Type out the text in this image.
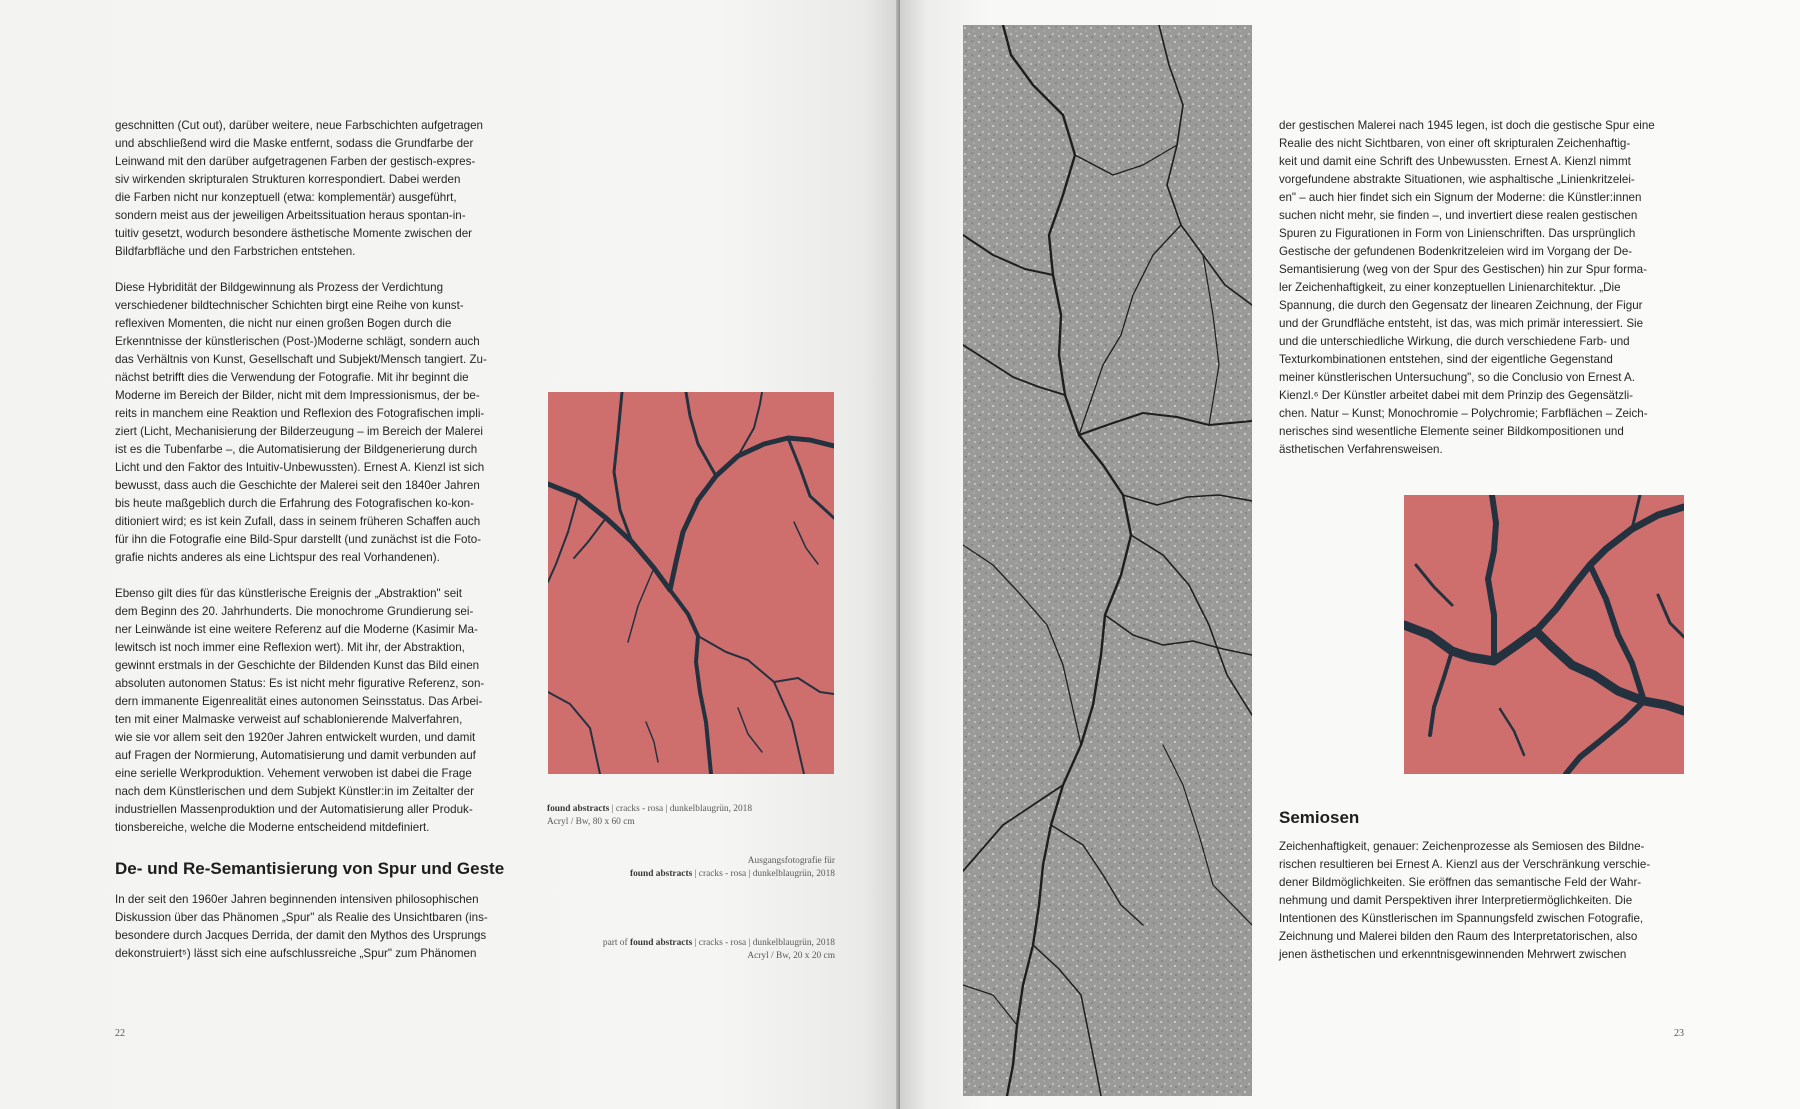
geschnitten (Cut out), darüber weitere, neue Farbschichten aufgetragen
und abschließend wird die Maske entfernt, sodass die Grundfarbe der
Leinwand mit den darüber aufgetragenen Farben der gestisch-expres-
siv wirkenden skripturalen Strukturen korrespondiert. Dabei werden
die Farben nicht nur konzeptuell (etwa: komplementär) ausgeführt,
sondern meist aus der jeweiligen Arbeitssituation heraus spontan-in-
tuitiv gesetzt, wodurch besondere ästhetische Momente zwischen der
Bildfarbfläche und den Farbstrichen entstehen.

Diese Hybridität der Bildgewinnung als Prozess der Verdichtung
verschiedener bildtechnischer Schichten birgt eine Reihe von kunst-
reflexiven Momenten, die nicht nur einen großen Bogen durch die
Erkenntnisse der künstlerischen (Post-)Moderne schlägt, sondern auch
das Verhältnis von Kunst, Gesellschaft und Subjekt/Mensch tangiert. Zu-
nächst betrifft dies die Verwendung der Fotografie. Mit ihr beginnt die
Moderne im Bereich der Bilder, nicht mit dem Impressionismus, der be-
reits in manchem eine Reaktion und Reflexion des Fotografischen impli-
ziert (Licht, Mechanisierung der Bilderzeugung – im Bereich der Malerei
ist es die Tubenfarbe –, die Automatisierung der Bildgenerierung durch
Licht und den Faktor des Intuitiv-Unbewussten). Ernest A. Kienzl ist sich
bewusst, dass auch die Geschichte der Malerei seit den 1840er Jahren
bis heute maßgeblich durch die Erfahrung des Fotografischen ko-kon-
ditioniert wird; es ist kein Zufall, dass in seinem früheren Schaffen auch
für ihn die Fotografie eine Bild-Spur darstellt (und zunächst ist die Foto-
grafie nichts anderes als eine Lichtspur des real Vorhandenen).

Ebenso gilt dies für das künstlerische Ereignis der „Abstraktion" seit
dem Beginn des 20. Jahrhunderts. Die monochrome Grundierung sei-
ner Leinwände ist eine weitere Referenz auf die Moderne (Kasimir Ma-
lewitsch ist noch immer eine Reflexion wert). Mit ihr, der Abstraktion,
gewinnt erstmals in der Geschichte der Bildenden Kunst das Bild einen
absoluten autonomen Status: Es ist nicht mehr figurative Referenz, son-
dern immanente Eigenrealität eines autonomen Seinsstatus. Das Arbei-
ten mit einer Malmaske verweist auf schablonierende Malverfahren,
wie sie vor allem seit den 1920er Jahren entwickelt wurden, und damit
auf Fragen der Normierung, Automatisierung und damit verbunden auf
eine serielle Werkproduktion. Vehement verwoben ist dabei die Frage
nach dem Künstlerischen und dem Subjekt Künstler:in im Zeitalter der
industriellen Massenproduktion und der Automatisierung aller Produk-
tionsbereiche, welche die Moderne entscheidend mitdefiniert.

De- und Re-Semantisierung von Spur und Geste

In der seit den 1960er Jahren beginnenden intensiven philosophischen
Diskussion über das Phänomen „Spur" als Realie des Unsichtbaren (ins-
besondere durch Jacques Derrida, der damit den Mythos des Ursprungs
dekonstruiert⁵) lässt sich eine aufschlussreiche „Spur" zum Phänomen

found abstracts | cracks - rosa | dunkelblaugrün, 2018
Acryl / Bw, 80 x 60 cm

Ausgangsfotografie für
found abstracts | cracks - rosa | dunkelblaugrün, 2018

part of found abstracts | cracks - rosa | dunkelblaugrün, 2018
Acryl / Bw, 20 x 20 cm

22

der gestischen Malerei nach 1945 legen, ist doch die gestische Spur eine
Realie des nicht Sichtbaren, von einer oft skripturalen Zeichenhaftig-
keit und damit eine Schrift des Unbewussten. Ernest A. Kienzl nimmt
vorgefundene abstrakte Situationen, wie asphaltische „Linienkritzelei-
en" – auch hier findet sich ein Signum der Moderne: die Künstler:innen
suchen nicht mehr, sie finden –, und invertiert diese realen gestischen
Spuren zu Figurationen in Form von Linienschriften. Das ursprünglich
Gestische der gefundenen Bodenkritzeleien wird im Vorgang der De-
Semantisierung (weg von der Spur des Gestischen) hin zur Spur forma-
ler Zeichenhaftigkeit, zu einer konzeptuellen Linienarchitektur. „Die
Spannung, die durch den Gegensatz der linearen Zeichnung, der Figur
und der Grundfläche entsteht, ist das, was mich primär interessiert. Sie
und die unterschiedliche Wirkung, die durch verschiedene Farb- und
Texturkombinationen entstehen, sind der eigentliche Gegenstand
meiner künstlerischen Untersuchung", so die Conclusio von Ernest A.
Kienzl.⁶ Der Künstler arbeitet dabei mit dem Prinzip des Gegensätzli-
chen. Natur – Kunst; Monochromie – Polychromie; Farbflächen – Zeich-
nerisches sind wesentliche Elemente seiner Bildkompositionen und
ästhetischen Verfahrensweisen.

Semiosen

Zeichenhaftigkeit, genauer: Zeichenprozesse als Semiosen des Bildne-
rischen resultieren bei Ernest A. Kienzl aus der Verschränkung verschie-
dener Bildmöglichkeiten. Sie eröffnen das semantische Feld der Wahr-
nehmung und damit Perspektiven ihrer Interpretiermöglichkeiten. Die
Intentionen des Künstlerischen im Spannungsfeld zwischen Fotografie,
Zeichnung und Malerei bilden den Raum des Interpretatorischen, also
jenen ästhetischen und erkenntnisgewinnenden Mehrwert zwischen

23
